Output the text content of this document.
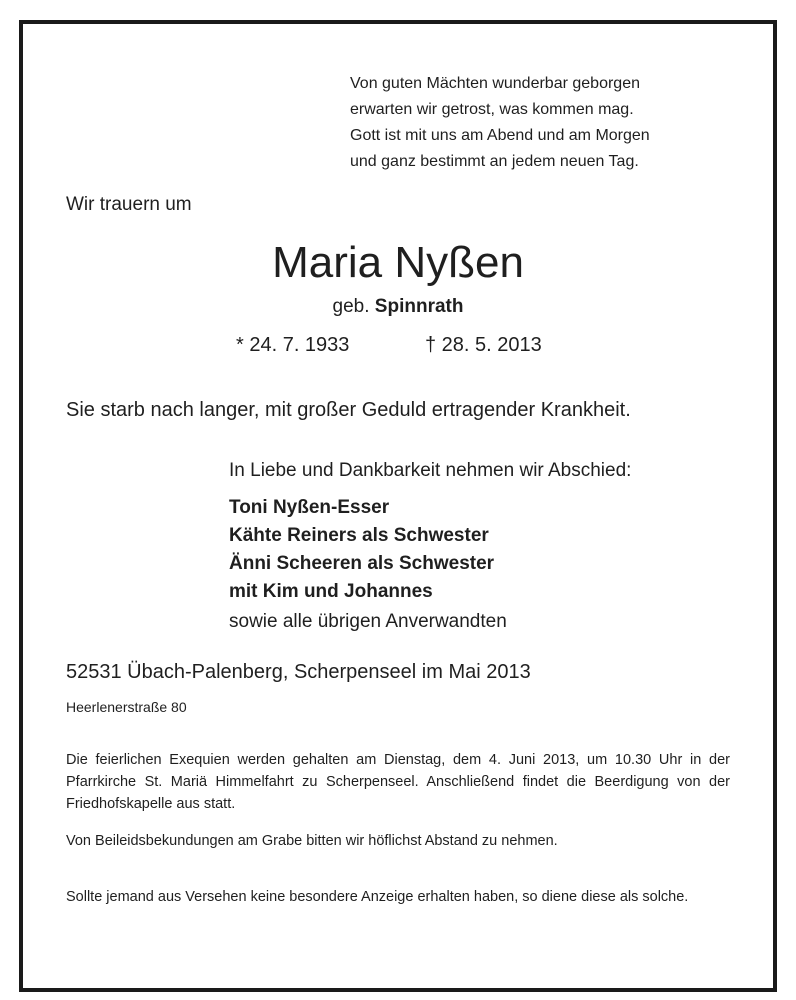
Von guten Mächten wunderbar geborgen
erwarten wir getrost, was kommen mag.
Gott ist mit uns am Abend und am Morgen
und ganz bestimmt an jedem neuen Tag.
Wir trauern um
Maria Nyßen
geb. Spinnrath
* 24. 7. 1933	† 28. 5. 2013
Sie starb nach langer, mit großer Geduld ertragender Krankheit.
In Liebe und Dankbarkeit nehmen wir Abschied:
Toni Nyßen-Esser
Kähte Reiners als Schwester
Änni Scheeren als Schwester
mit Kim und Johannes
sowie alle übrigen Anverwandten
52531 Übach-Palenberg, Scherpenseel im Mai 2013
Heerlenerstraße 80
Die feierlichen Exequien werden gehalten am Dienstag, dem 4. Juni 2013, um 10.30 Uhr in der Pfarrkirche St. Mariä Himmelfahrt zu Scherpenseel. Anschließend findet die Beerdigung von der Friedhofskapelle aus statt.
Von Beileidsbekundungen am Grabe bitten wir höflichst Abstand zu nehmen.
Sollte jemand aus Versehen keine besondere Anzeige erhalten haben, so diene diese als solche.
